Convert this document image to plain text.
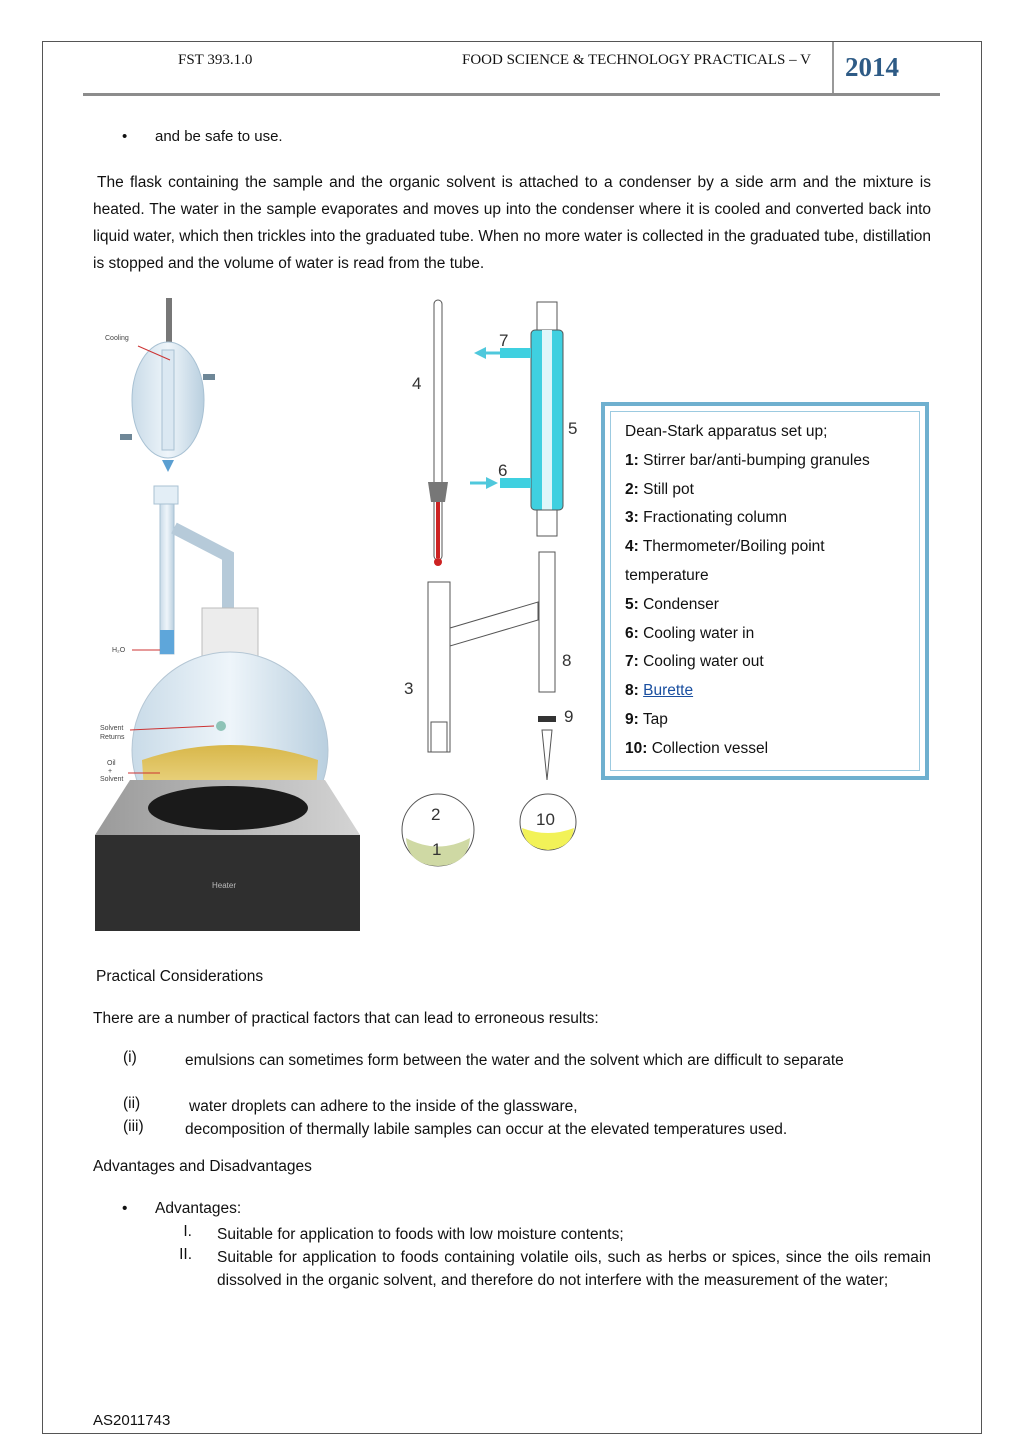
FST 393.1.0	FOOD SCIENCE & TECHNOLOGY PRACTICALS – V 2014
• and be safe to use.
The flask containing the sample and the organic solvent is attached to a condenser by a side arm and the mixture is heated. The water in the sample evaporates and moves up into the condenser where it is cooled and converted back into liquid water, which then trickles into the graduated tube. When no more water is collected in the graduated tube, distillation is stopped and the volume of water is read from the tube.
Cooling
H₂O
Solvent
Returns
Oil
+
Solvent
Heater
1
2
3
4
5
6
7
8
9
10
Dean-Stark apparatus set up;
1: Stirrer bar/anti-bumping granules
2: Still pot
3: Fractionating column
4: Thermometer/Boiling point
temperature
5: Condenser
6: Cooling water in
7: Cooling water out
8: Burette
9: Tap
10: Collection vessel
Practical Considerations
There are a number of practical factors that can lead to erroneous results:
(i)	emulsions can sometimes form between the water and the solvent which are difficult to separate
(ii)	water droplets can adhere to the inside of the glassware,
(iii)	decomposition of thermally labile samples can occur at the elevated temperatures used.
Advantages and Disadvantages
• Advantages:
I. Suitable for application to foods with low moisture contents;
II. Suitable for application to foods containing volatile oils, such as herbs or spices, since the oils remain dissolved in the organic solvent, and therefore do not interfere with the measurement of the water;
AS2011743
